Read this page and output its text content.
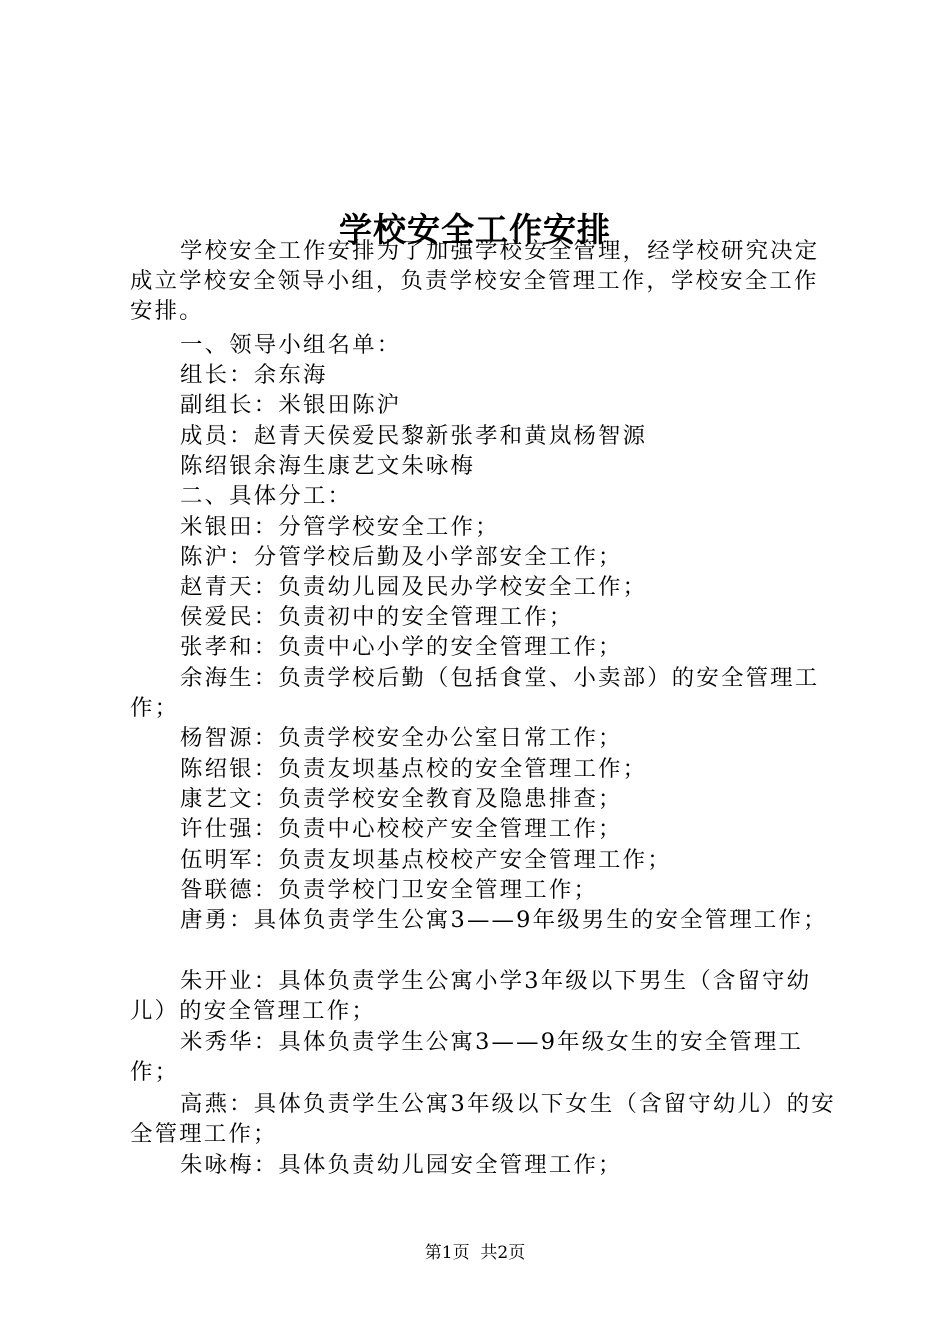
学校安全工作安排

学校安全工作安排为了加强学校安全管理，经学校研究决定成立学校安全领导小组，负责学校安全管理工作，学校安全工作安排。

一、领导小组名单：

组长：余东海

副组长：米银田陈沪

成员：赵青天侯爱民黎新张孝和黄岚杨智源

陈绍银余海生康艺文朱咏梅

二、具体分工：

米银田：分管学校安全工作；

陈沪：分管学校后勤及小学部安全工作；

赵青天：负责幼儿园及民办学校安全工作；

侯爱民：负责初中的安全管理工作；

张孝和：负责中心小学的安全管理工作；

余海生：负责学校后勤（包括食堂、小卖部）的安全管理工作；

杨智源：负责学校安全办公室日常工作；

陈绍银：负责友坝基点校的安全管理工作；

康艺文：负责学校安全教育及隐患排查；

许仕强：负责中心校校产安全管理工作；

伍明军：负责友坝基点校校产安全管理工作；

昝联德：负责学校门卫安全管理工作；

唐勇：具体负责学生公寓3——9年级男生的安全管理工作；

朱开业：具体负责学生公寓小学3年级以下男生（含留守幼儿）的安全管理工作；

米秀华：具体负责学生公寓3——9年级女生的安全管理工作；

高燕：具体负责学生公寓3年级以下女生（含留守幼儿）的安全管理工作；

朱咏梅：具体负责幼儿园安全管理工作；

第1页  共2页
